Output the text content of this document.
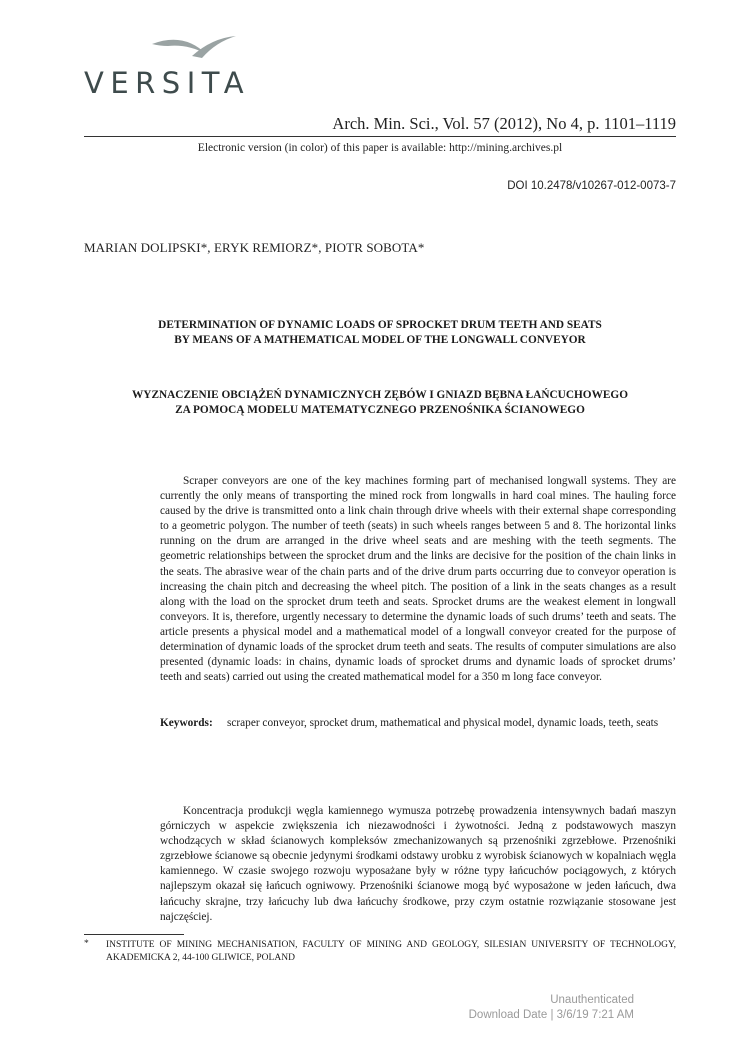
VERSITA
Arch. Min. Sci., Vol. 57 (2012), No 4, p. 1101–1119
Electronic version (in color) of this paper is available: http://mining.archives.pl
DOI 10.2478/v10267-012-0073-7
MARIAN DOLIPSKI*, ERYK REMIORZ*, PIOTR SOBOTA*
DETERMINATION OF DYNAMIC LOADS OF SPROCKET DRUM TEETH AND SEATS
BY MEANS OF A MATHEMATICAL MODEL OF THE LONGWALL CONVEYOR
WYZNACZENIE OBCIĄŻEŃ DYNAMICZNYCH ZĘBÓW I GNIAZD BĘBNA ŁAŃCUCHOWEGO
ZA POMOCĄ MODELU MATEMATYCZNEGO PRZENOŚNIKA ŚCIANOWEGO

Scraper conveyors are one of the key machines forming part of mechanised longwall systems. They are currently the only means of transporting the mined rock from longwalls in hard coal mines. The hauling force caused by the drive is transmitted onto a link chain through drive wheels with their external shape corresponding to a geometric polygon. The number of teeth (seats) in such wheels ranges between 5 and 8. The horizontal links running on the drum are arranged in the drive wheel seats and are meshing with the teeth segments. The geometric relationships between the sprocket drum and the links are decisive for the position of the chain links in the seats. The abrasive wear of the chain parts and of the drive drum parts occurring due to conveyor operation is increasing the chain pitch and decreasing the wheel pitch. The position of a link in the seats changes as a result along with the load on the sprocket drum teeth and seats. Sprocket drums are the weakest element in longwall conveyors. It is, therefore, urgently necessary to determine the dynamic loads of such drums’ teeth and seats. The article presents a physical model and a mathematical model of a longwall conveyor created for the purpose of determination of dynamic loads of the sprocket drum teeth and seats. The results of computer simulations are also presented (dynamic loads: in chains, dynamic loads of sprocket drums and dynamic loads of sprocket drums’ teeth and seats) carried out using the created mathematical model for a 350 m long face conveyor.

Keywords: scraper conveyor, sprocket drum, mathematical and physical model, dynamic loads, teeth, seats

Koncentracja produkcji węgla kamiennego wymusza potrzebę prowadzenia intensywnych badań maszyn górniczych w aspekcie zwiększenia ich niezawodności i żywotności. Jedną z podstawowych maszyn wchodzących w skład ścianowych kompleksów zmechanizowanych są przenośniki zgrzebłowe. Przenośniki zgrzebłowe ścianowe są obecnie jedynymi środkami odstawy urobku z wyrobisk ścianowych w kopalniach węgla kamiennego. W czasie swojego rozwoju wyposażane były w różne typy łańcuchów pociągowych, z których najlepszym okazał się łańcuch ogniwowy. Przenośniki ścianowe mogą być wyposażone w jeden łańcuch, dwa łańcuchy skrajne, trzy łańcuchy lub dwa łańcuchy środkowe, przy czym ostatnie rozwiązanie stosowane jest najczęściej.

* INSTITUTE OF MINING MECHANISATION, FACULTY OF MINING AND GEOLOGY, SILESIAN UNIVERSITY OF TECHNOLOGY, AKADEMICKA 2, 44-100 GLIWICE, POLAND
Unauthenticated
Download Date | 3/6/19 7:21 AM
